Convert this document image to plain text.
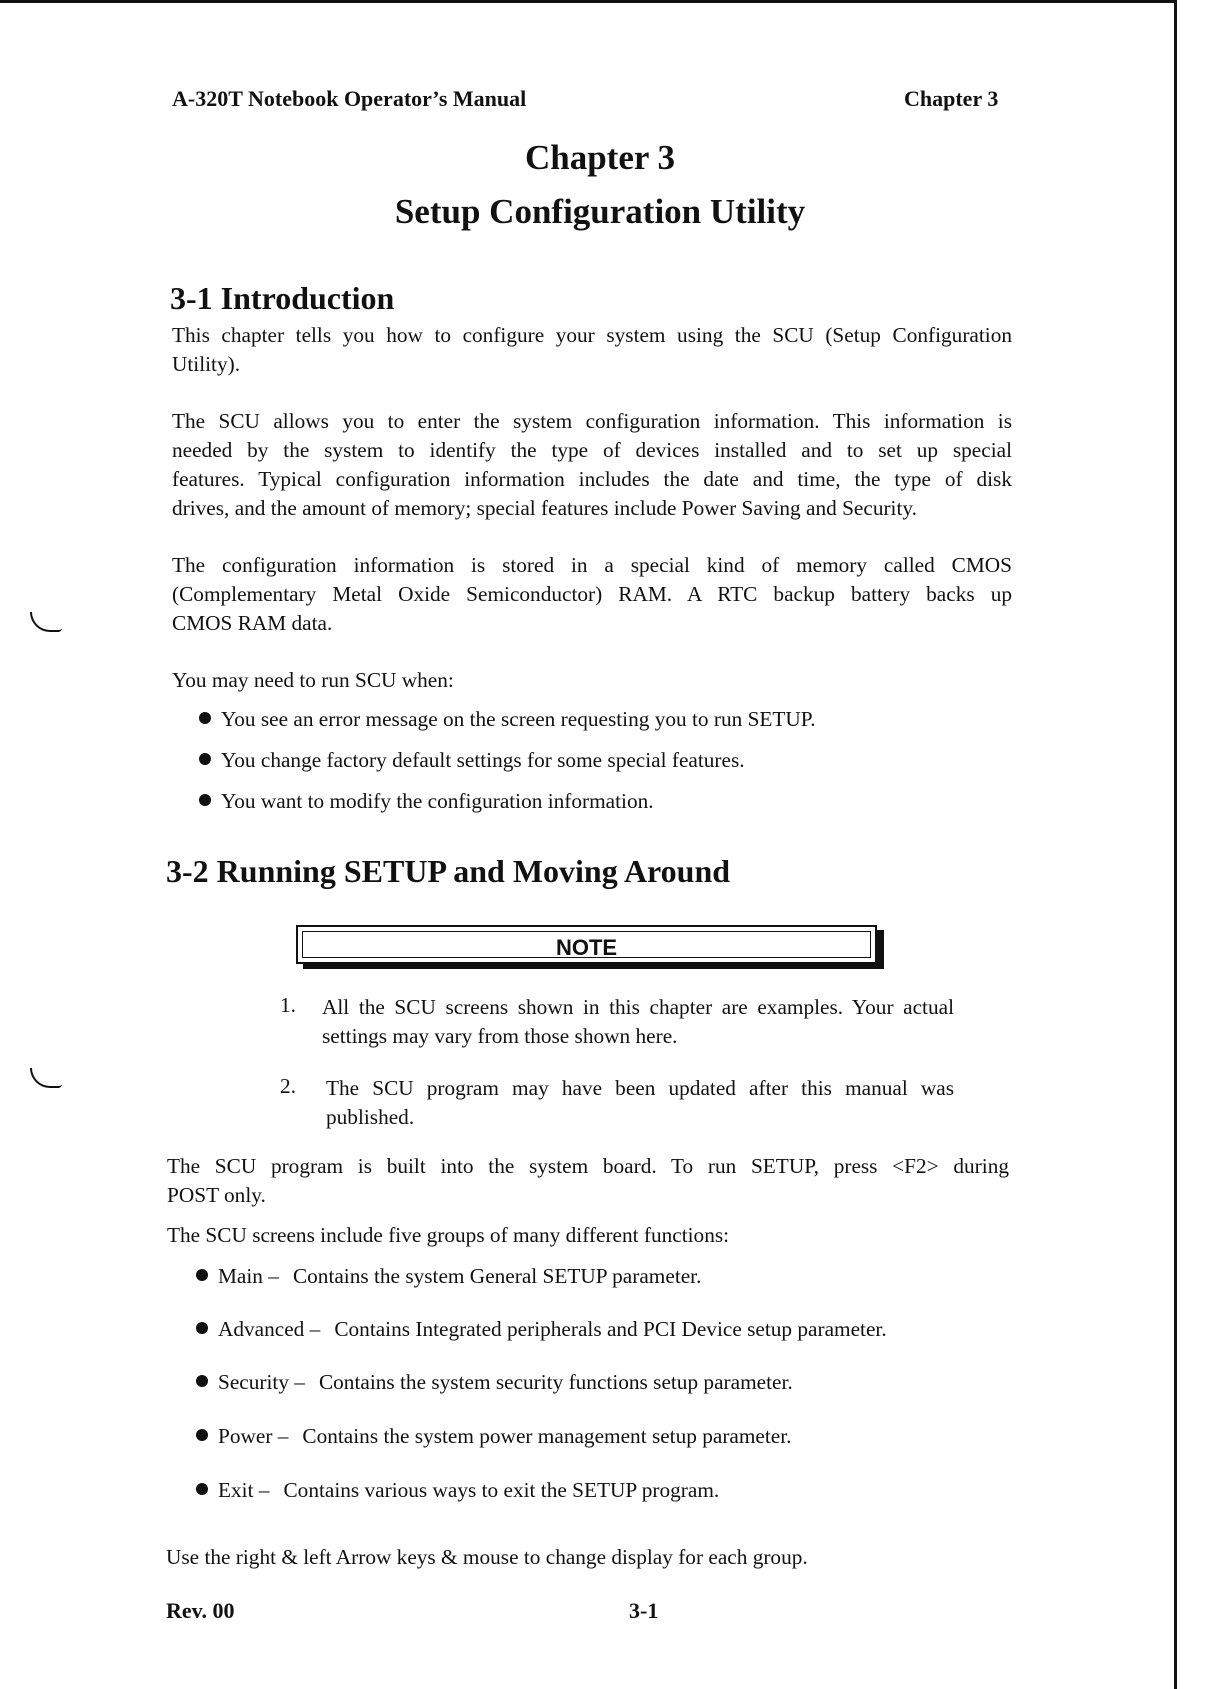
A-320T Notebook Operator’s Manual	Chapter 3
Chapter 3
Setup Configuration Utility
3-1 Introduction
This chapter tells you how to configure your system using the SCU (Setup Configuration
Utility).
The SCU allows you to enter the system configuration information. This information is
needed by the system to identify the type of devices installed and to set up special
features. Typical configuration information includes the date and time, the type of disk
drives, and the amount of memory; special features include Power Saving and Security.
The configuration information is stored in a special kind of memory called CMOS
(Complementary Metal Oxide Semiconductor) RAM. A RTC backup battery backs up
CMOS RAM data.
You may need to run SCU when:
You see an error message on the screen requesting you to run SETUP.
You change factory default settings for some special features.
You want to modify the configuration information.
3-2 Running SETUP and Moving Around
NOTE
1. All the SCU screens shown in this chapter are examples. Your actual
settings may vary from those shown here.
2. The SCU program may have been updated after this manual was
published.
The SCU program is built into the system board. To run SETUP, press <F2> during
POST only.
The SCU screens include five groups of many different functions:
Main – Contains the system General SETUP parameter.
Advanced – Contains Integrated peripherals and PCI Device setup parameter.
Security – Contains the system security functions setup parameter.
Power – Contains the system power management setup parameter.
Exit – Contains various ways to exit the SETUP program.
Use the right & left Arrow keys & mouse to change display for each group.
Rev. 00	3-1
